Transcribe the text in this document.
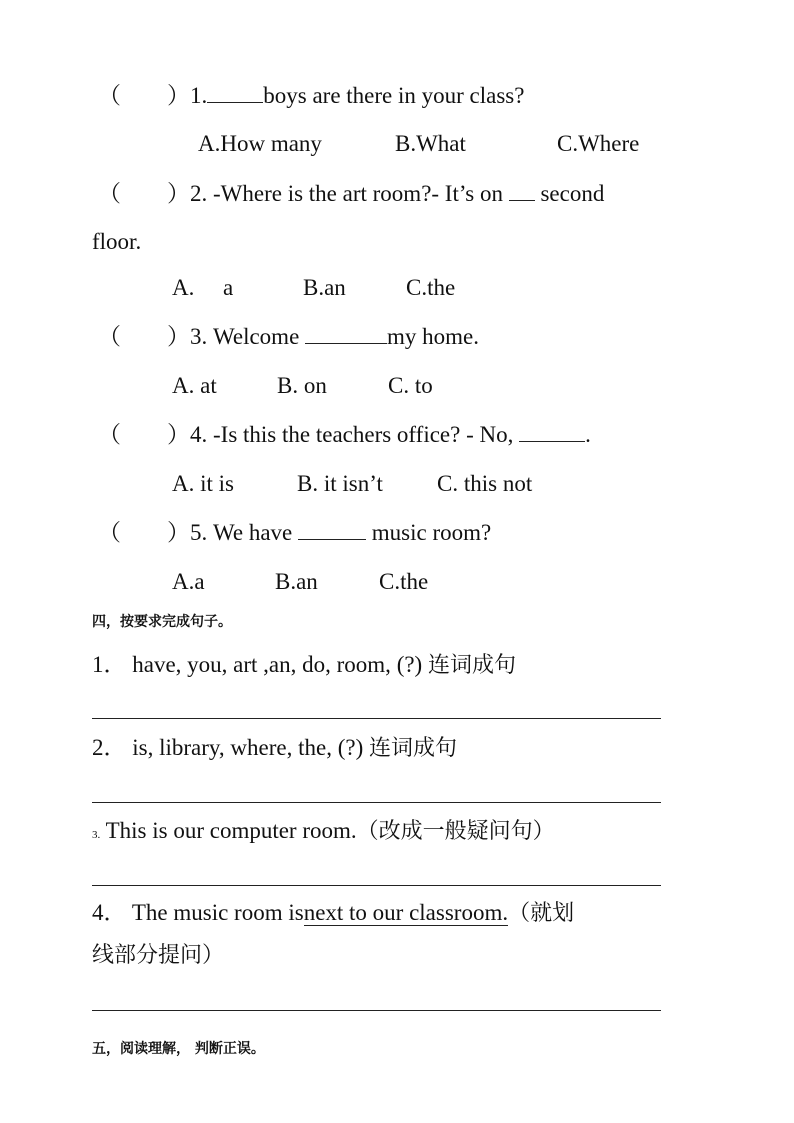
（　　）1. boys are there in your class?
A.How many	B.What	C.Where
（　　）2. -Where is the art room?- It’s on second
floor.
A. a	B.an	C.the
（　　）3. Welcome	my home.
A. at	B. on	C. to
（　　）4. -Is this the teachers office? - No,	.
A. it is	B. it isn’t C. this not
（　　）5. We have	music room?
A.a	B.an	C.the
四，按要求完成句子。
1． have, you, art ,an, do, room, (?) 连词成句
2． is, library, where, the, (?) 连词成句
3. This is our computer room.（改成一般疑问句）
4． The music room isnext to our classroom.（就划
线部分提问）
五，阅读理解， 判断正误。
